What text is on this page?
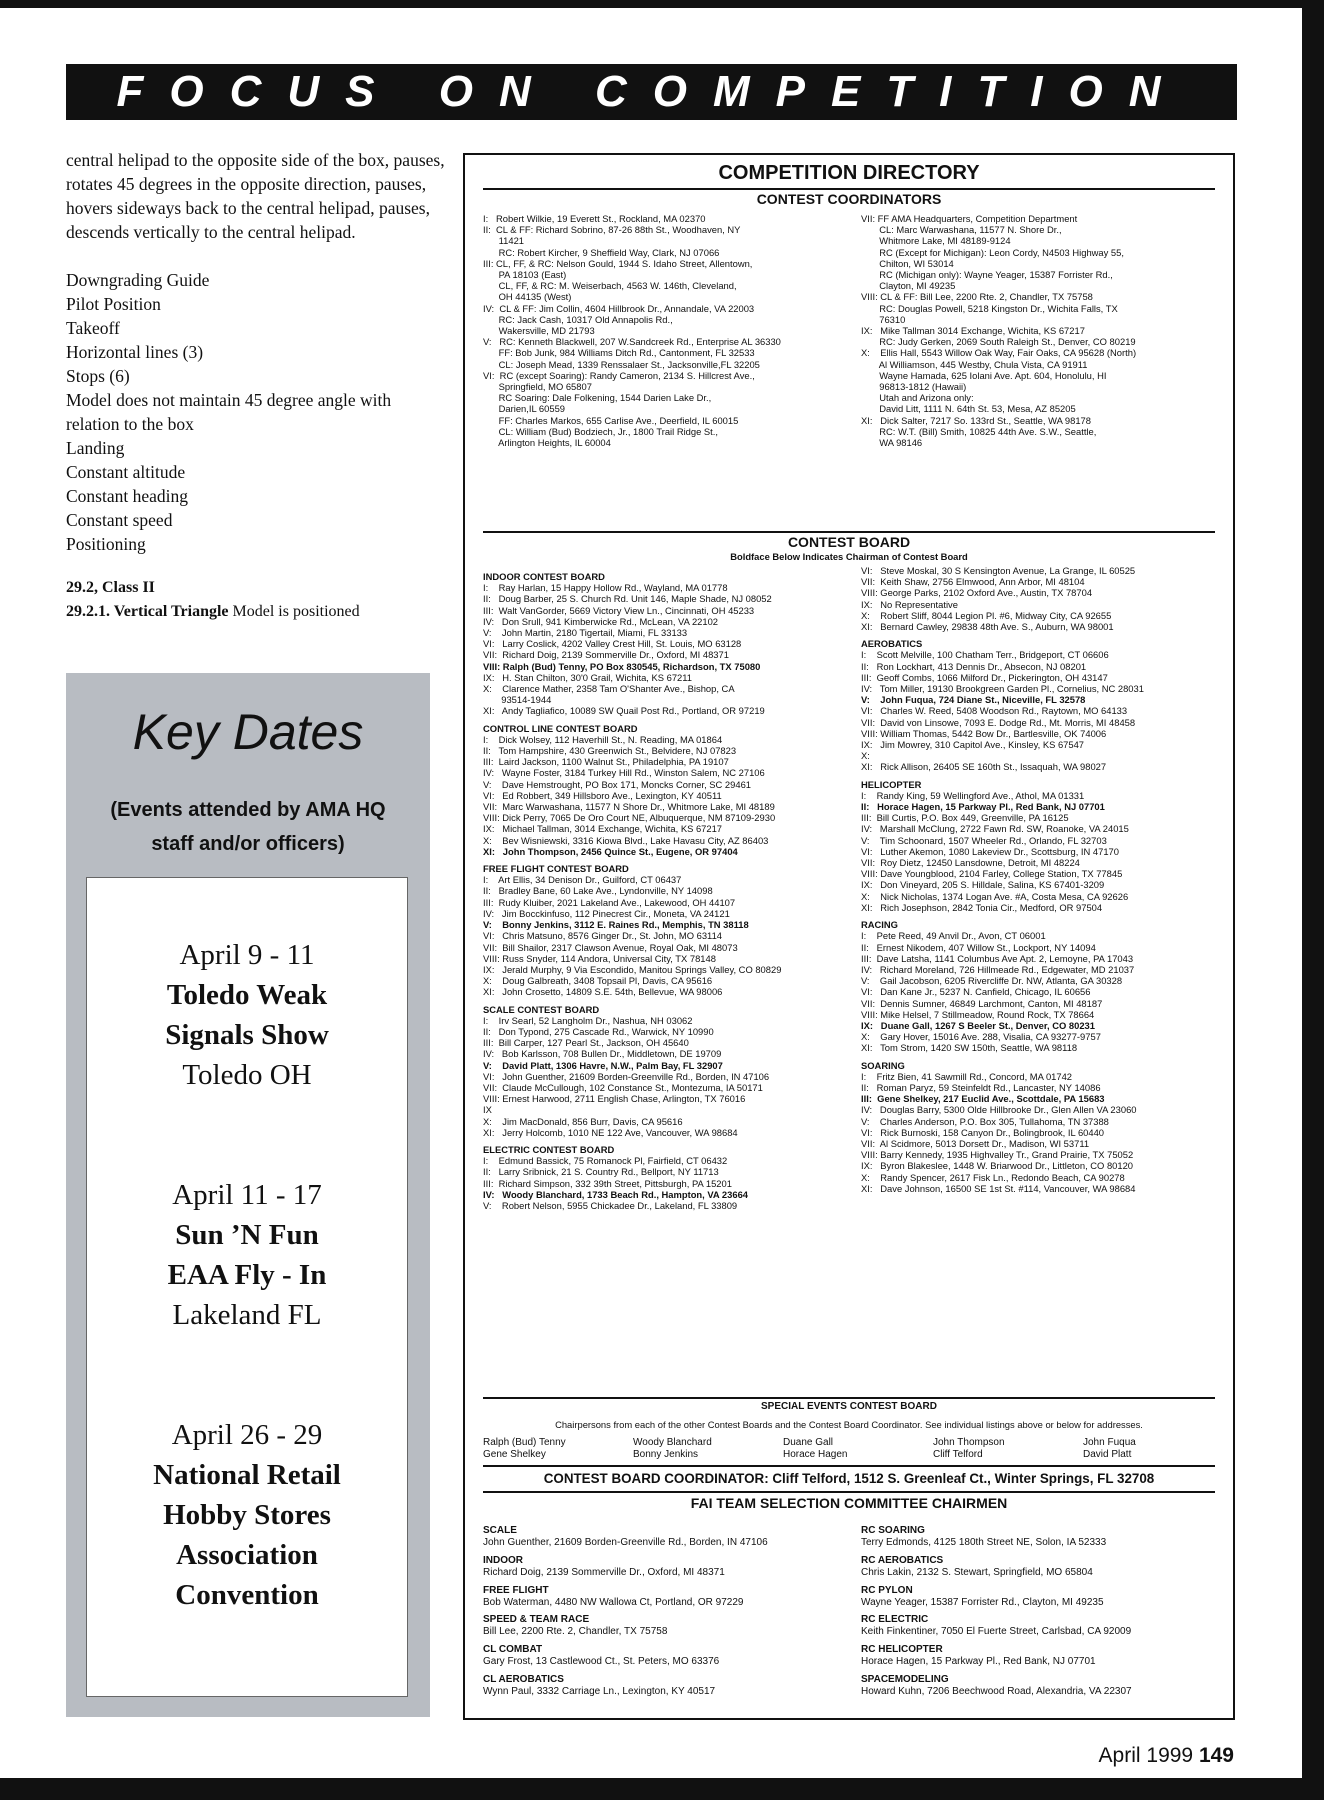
FOCUS ON COMPETITION

central helipad to the opposite side of the box, pauses, rotates 45 degrees in the opposite direction, pauses, hovers sideways back to the central helipad, pauses, descends vertically to the central helipad.

Downgrading Guide
Pilot Position
Takeoff
Horizontal lines (3)
Stops (6)
Model does not maintain 45 degree angle with relation to the box
Landing
Constant altitude
Constant heading
Constant speed
Positioning
29.2, Class II
29.2.1. Vertical Triangle Model is positioned
Key Dates
(Events attended by AMA HQ
staff and/or officers)
April 9 - 11
Toledo Weak
Signals Show
Toledo OH
April 11 - 17
Sun ’N Fun
EAA Fly - In
Lakeland FL
April 26 - 29
National Retail
Hobby Stores
Association
Convention
COMPETITION DIRECTORY
CONTEST COORDINATORS
I:   Robert Wilkie, 19 Everett St., Rockland, MA 02370
II:  CL & FF: Richard Sobrino, 87-26 88th St., Woodhaven, NY
11421
RC: Robert Kircher, 9 Sheffield Way, Clark, NJ 07066
III: CL, FF, & RC: Nelson Gould, 1944 S. Idaho Street, Allentown,
PA 18103 (East)
CL, FF, & RC: M. Weiserbach, 4563 W. 146th, Cleveland,
OH 44135 (West)
IV:  CL & FF: Jim Collin, 4604 Hillbrook Dr., Annandale, VA 22003
RC: Jack Cash, 10317 Old Annapolis Rd.,
Wakersville, MD 21793
V:   RC: Kenneth Blackwell, 207 W.Sandcreek Rd., Enterprise AL 36330
FF: Bob Junk, 984 Williams Ditch Rd., Cantonment, FL 32533
CL: Joseph Mead, 1339 Renssalaer St., Jacksonville,FL 32205
VI:  RC (except Soaring): Randy Cameron, 2134 S. Hillcrest Ave.,
Springfield, MO 65807
RC Soaring: Dale Folkening, 1544 Darien Lake Dr.,
Darien,IL 60559
FF: Charles Markos, 655 Carlise Ave., Deerfield, IL 60015
CL: William (Bud) Bodziech, Jr., 1800 Trail Ridge St.,
Arlington Heights, IL 60004
VII: FF AMA Headquarters, Competition Department
CL: Marc Warwashana, 11577 N. Shore Dr.,
Whitmore Lake, MI 48189-9124
RC (Except for Michigan): Leon Cordy, N4503 Highway 55,
Chilton, WI 53014
RC (Michigan only): Wayne Yeager, 15387 Forrister Rd.,
Clayton, MI 49235
VIII: CL & FF: Bill Lee, 2200 Rte. 2, Chandler, TX 75758
RC: Douglas Powell, 5218 Kingston Dr., Wichita Falls, TX
76310
IX:   Mike Tallman 3014 Exchange, Wichita, KS 67217
RC: Judy Gerken, 2069 South Raleigh St., Denver, CO 80219
X:    Ellis Hall, 5543 Willow Oak Way, Fair Oaks, CA 95628 (North)
Al Williamson, 445 Westby, Chula Vista, CA 91911
Wayne Hamada, 625 Iolani Ave. Apt. 604, Honolulu, HI
96813-1812 (Hawaii)
Utah and Arizona only:
David Litt, 1111 N. 64th St. 53, Mesa, AZ 85205
XI:   Dick Salter, 7217 So. 133rd St., Seattle, WA 98178
RC: W.T. (Bill) Smith, 10825 44th Ave. S.W., Seattle,
WA 98146
CONTEST BOARD
Boldface Below Indicates Chairman of Contest Board
INDOOR CONTEST BOARD
I:    Ray Harlan, 15 Happy Hollow Rd., Wayland, MA 01778
II:   Doug Barber, 25 S. Church Rd. Unit 146, Maple Shade, NJ 08052
III:  Walt VanGorder, 5669 Victory View Ln., Cincinnati, OH 45233
IV:   Don Srull, 941 Kimberwicke Rd., McLean, VA 22102
V:    John Martin, 2180 Tigertail, Miami, FL 33133
VI:   Larry Coslick, 4202 Valley Crest Hill, St. Louis, MO 63128
VII:  Richard Doig, 2139 Sommerville Dr., Oxford, MI 48371
VIII: Ralph (Bud) Tenny, PO Box 830545, Richardson, TX 75080
IX:   H. Stan Chilton, 30'0 Grail, Wichita, KS 67211
X:    Clarence Mather, 2358 Tam O'Shanter Ave., Bishop, CA
93514-1944
XI:   Andy Tagliafico, 10089 SW Quail Post Rd., Portland, OR 97219
CONTROL LINE CONTEST BOARD
I:    Dick Wolsey, 112 Haverhill St., N. Reading, MA 01864
II:   Tom Hampshire, 430 Greenwich St., Belvidere, NJ 07823
III:  Laird Jackson, 1100 Walnut St., Philadelphia, PA 19107
IV:   Wayne Foster, 3184 Turkey Hill Rd., Winston Salem, NC 27106
V:    Dave Hemstrought, PO Box 171, Moncks Corner, SC 29461
VI:   Ed Robbert, 349 Hillsboro Ave., Lexington, KY 40511
VII:  Marc Warwashana, 11577 N Shore Dr., Whitmore Lake, MI 48189
VIII: Dick Perry, 7065 De Oro Court NE, Albuquerque, NM 87109-2930
IX:   Michael Tallman, 3014 Exchange, Wichita, KS 67217
X:    Bev Wisniewski, 3316 Kiowa Blvd., Lake Havasu City, AZ 86403
XI:   John Thompson, 2456 Quince St., Eugene, OR 97404
FREE FLIGHT CONTEST BOARD
I:    Art Ellis, 34 Denison Dr., Guilford, CT 06437
II:   Bradley Bane, 60 Lake Ave., Lyndonville, NY 14098
III:  Rudy Kluiber, 2021 Lakeland Ave., Lakewood, OH 44107
IV:   Jim Bocckinfuso, 112 Pinecrest Cir., Moneta, VA 24121
V:    Bonny Jenkins, 3112 E. Raines Rd., Memphis, TN 38118
VI:   Chris Matsuno, 8576 Ginger Dr., St. John, MO 63114
VII:  Bill Shailor, 2317 Clawson Avenue, Royal Oak, MI 48073
VIII: Russ Snyder, 114 Andora, Universal City, TX 78148
IX:   Jerald Murphy, 9 Via Escondido, Manitou Springs Valley, CO 80829
X:    Doug Galbreath, 3408 Topsail Pl, Davis, CA 95616
XI:   John Crosetto, 14809 S.E. 54th, Bellevue, WA 98006
SCALE CONTEST BOARD
I:    Irv Searl, 52 Langholm Dr., Nashua, NH 03062
II:   Don Typond, 275 Cascade Rd., Warwick, NY 10990
III:  Bill Carper, 127 Pearl St., Jackson, OH 45640
IV:   Bob Karlsson, 708 Bullen Dr., Middletown, DE 19709
V:    David Platt, 1306 Havre, N.W., Palm Bay, FL 32907
VI:   John Guenther, 21609 Borden-Greenville Rd., Borden, IN 47106
VII:  Claude McCullough, 102 Constance St., Montezuma, IA 50171
VIII: Ernest Harwood, 2711 English Chase, Arlington, TX 76016
IX
X:    Jim MacDonald, 856 Burr, Davis, CA 95616
XI:   Jerry Holcomb, 1010 NE 122 Ave, Vancouver, WA 98684
ELECTRIC CONTEST BOARD
I:    Edmund Bassick, 75 Romanock Pl, Fairfield, CT 06432
II:   Larry Sribnick, 21 S. Country Rd., Bellport, NY 11713
III:  Richard Simpson, 332 39th Street, Pittsburgh, PA 15201
IV:   Woody Blanchard, 1733 Beach Rd., Hampton, VA 23664
V:    Robert Nelson, 5955 Chickadee Dr., Lakeland, FL 33809
VI:   Steve Moskal, 30 S Kensington Avenue, La Grange, IL 60525
VII:  Keith Shaw, 2756 Elmwood, Ann Arbor, MI 48104
VIII: George Parks, 2102 Oxford Ave., Austin, TX 78704
IX:   No Representative
X:    Robert Sliff, 8044 Legion Pl. #6, Midway City, CA 92655
XI:   Bernard Cawley, 29838 48th Ave. S., Auburn, WA 98001
AEROBATICS
I:    Scott Melville, 100 Chatham Terr., Bridgeport, CT 06606
II:   Ron Lockhart, 413 Dennis Dr., Absecon, NJ 08201
III:  Geoff Combs, 1066 Milford Dr., Pickerington, OH 43147
IV:   Tom Miller, 19130 Brookgreen Garden Pl., Cornelius, NC 28031
V:    John Fuqua, 724 Diane St., Niceville, FL 32578
VI:   Charles W. Reed, 5408 Woodson Rd., Raytown, MO 64133
VII:  David von Linsowe, 7093 E. Dodge Rd., Mt. Morris, MI 48458
VIII: William Thomas, 5442 Bow Dr., Bartlesville, OK 74006
IX:   Jim Mowrey, 310 Capitol Ave., Kinsley, KS 67547
X:
XI:   Rick Allison, 26405 SE 160th St., Issaquah, WA 98027
HELICOPTER
I:    Randy King, 59 Wellingford Ave., Athol, MA 01331
II:   Horace Hagen, 15 Parkway Pl., Red Bank, NJ 07701
III:  Bill Curtis, P.O. Box 449, Greenville, PA 16125
IV:   Marshall McClung, 2722 Fawn Rd. SW, Roanoke, VA 24015
V:    Tim Schoonard, 1507 Wheeler Rd., Orlando, FL 32703
VI:   Luther Akemon, 1080 Lakeview Dr., Scottsburg, IN 47170
VII:  Roy Dietz, 12450 Lansdowne, Detroit, MI 48224
VIII: Dave Youngblood, 2104 Farley, College Station, TX 77845
IX:   Don Vineyard, 205 S. Hilldale, Salina, KS 67401-3209
X:    Nick Nicholas, 1374 Logan Ave. #A, Costa Mesa, CA 92626
XI:   Rich Josephson, 2842 Tonia Cir., Medford, OR 97504
RACING
I:    Pete Reed, 49 Anvil Dr., Avon, CT 06001
II:   Ernest Nikodem, 407 Willow St., Lockport, NY 14094
III:  Dave Latsha, 1141 Columbus Ave Apt. 2, Lemoyne, PA 17043
IV:   Richard Moreland, 726 Hillmeade Rd., Edgewater, MD 21037
V:    Gail Jacobson, 6205 Rivercliffe Dr. NW, Atlanta, GA 30328
VI:   Dan Kane Jr., 5237 N. Canfield, Chicago, IL 60656
VII:  Dennis Sumner, 46849 Larchmont, Canton, MI 48187
VIII: Mike Helsel, 7 Stillmeadow, Round Rock, TX 78664
IX:   Duane Gall, 1267 S Beeler St., Denver, CO 80231
X:    Gary Hover, 15016 Ave. 288, Visalia, CA 93277-9757
XI:   Tom Strom, 1420 SW 150th, Seattle, WA 98118
SOARING
I:    Fritz Bien, 41 Sawmill Rd., Concord, MA 01742
II:   Roman Paryz, 59 Steinfeldt Rd., Lancaster, NY 14086
III:  Gene Shelkey, 217 Euclid Ave., Scottdale, PA 15683
IV:   Douglas Barry, 5300 Olde Hillbrooke Dr., Glen Allen VA 23060
V:    Charles Anderson, P.O. Box 305, Tullahoma, TN 37388
VI:   Rick Burnoski, 158 Canyon Dr., Bolingbrook, IL 60440
VII:  Al Scidmore, 5013 Dorsett Dr., Madison, WI 53711
VIII: Barry Kennedy, 1935 Highvalley Tr., Grand Prairie, TX 75052
IX:   Byron Blakeslee, 1448 W. Briarwood Dr., Littleton, CO 80120
X:    Randy Spencer, 2617 Fisk Ln., Redondo Beach, CA 90278
XI:   Dave Johnson, 16500 SE 1st St. #114, Vancouver, WA 98684
SPECIAL EVENTS CONTEST BOARD
Chairpersons from each of the other Contest Boards and the Contest Board Coordinator. See individual listings above or below for addresses.
Ralph (Bud) Tenny
Gene Shelkey
Woody Blanchard
Bonny Jenkins
Duane Gall
Horace Hagen
John Thompson
Cliff Telford
John Fuqua
David Platt
CONTEST BOARD COORDINATOR: Cliff Telford, 1512 S. Greenleaf Ct., Winter Springs, FL 32708
FAI TEAM SELECTION COMMITTEE CHAIRMEN
SCALE
John Guenther, 21609 Borden-Greenville Rd., Borden, IN 47106
INDOOR
Richard Doig, 2139 Sommerville Dr., Oxford, MI 48371
FREE FLIGHT
Bob Waterman, 4480 NW Wallowa Ct, Portland, OR 97229
SPEED & TEAM RACE
Bill Lee, 2200 Rte. 2, Chandler, TX 75758
CL COMBAT
Gary Frost, 13 Castlewood Ct., St. Peters, MO 63376
CL AEROBATICS
Wynn Paul, 3332 Carriage Ln., Lexington, KY 40517
RC SOARING
Terry Edmonds, 4125 180th Street NE, Solon, IA 52333
RC AEROBATICS
Chris Lakin, 2132 S. Stewart, Springfield, MO 65804
RC PYLON
Wayne Yeager, 15387 Forrister Rd., Clayton, MI 49235
RC ELECTRIC
Keith Finkentiner, 7050 El Fuerte Street, Carlsbad, CA 92009
RC HELICOPTER
Horace Hagen, 15 Parkway Pl., Red Bank, NJ 07701
SPACEMODELING
Howard Kuhn, 7206 Beechwood Road, Alexandria, VA 22307
April 1999 149
